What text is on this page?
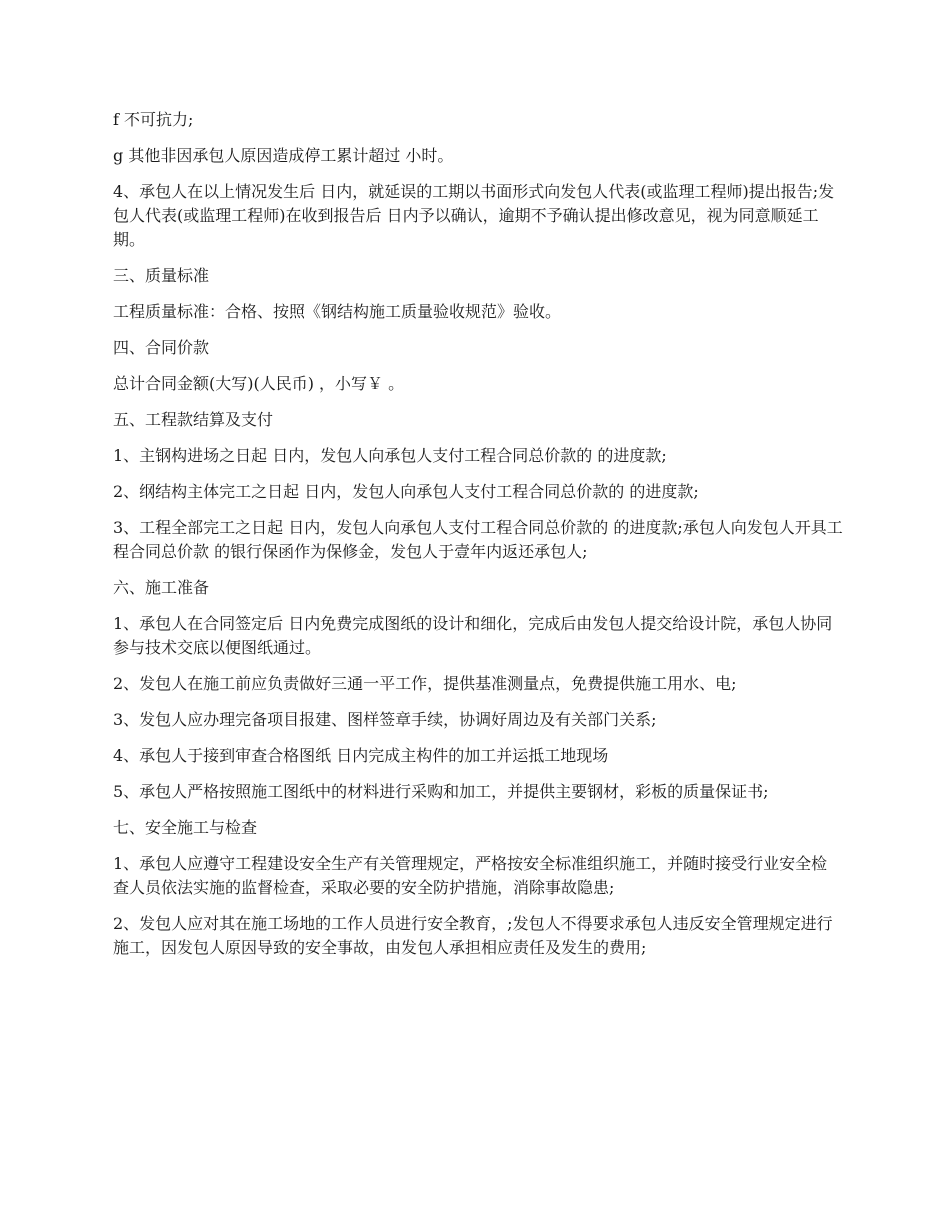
f 不可抗力;

g 其他非因承包人原因造成停工累计超过 小时。

4、承包人在以上情况发生后 日内，就延误的工期以书面形式向发包人代表(或监理工程师)提出报告;发包人代表(或监理工程师)在收到报告后 日内予以确认，逾期不予确认提出修改意见，视为同意顺延工期。

三、质量标准

工程质量标准：合格、按照《钢结构施工质量验收规范》验收。

四、合同价款

总计合同金额(大写)(人民币) ，小写￥ 。

五、工程款结算及支付

1、主钢构进场之日起 日内，发包人向承包人支付工程合同总价款的 的进度款;

2、纲结构主体完工之日起 日内，发包人向承包人支付工程合同总价款的 的进度款;

3、工程全部完工之日起 日内，发包人向承包人支付工程合同总价款的 的进度款;承包人向发包人开具工程合同总价款 的银行保函作为保修金，发包人于壹年内返还承包人;

六、施工准备

1、承包人在合同签定后 日内免费完成图纸的设计和细化，完成后由发包人提交给设计院，承包人协同参与技术交底以便图纸通过。

2、发包人在施工前应负责做好三通一平工作，提供基准测量点，免费提供施工用水、电;

3、发包人应办理完备项目报建、图样签章手续，协调好周边及有关部门关系;

4、承包人于接到审查合格图纸 日内完成主构件的加工并运抵工地现场

5、承包人严格按照施工图纸中的材料进行采购和加工，并提供主要钢材，彩板的质量保证书;

七、安全施工与检查

1、承包人应遵守工程建设安全生产有关管理规定，严格按安全标准组织施工，并随时接受行业安全检查人员依法实施的监督检查，采取必要的安全防护措施，消除事故隐患;

2、发包人应对其在施工场地的工作人员进行安全教育，;发包人不得要求承包人违反安全管理规定进行施工，因发包人原因导致的安全事故，由发包人承担相应责任及发生的费用;
